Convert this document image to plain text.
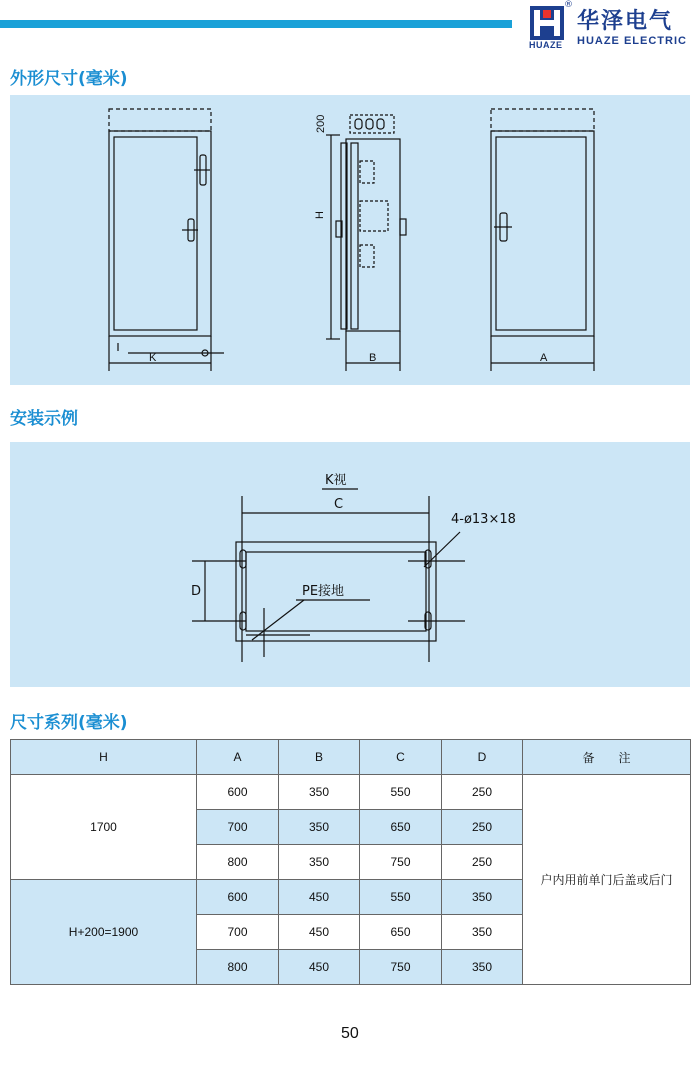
®
HUAZE
华泽电气
HUAZE ELECTRIC
外形尺寸(毫米)
200
H
K	B	A
安装示例
K视
C
D
4-ø13×18
PE接地
尺寸系列(毫米)
H	A	B	C	D	备　　注
1700	600	350	550	250	户内用前单门后盖或后门
	700	350	650	250	
	800	350	750	250	
H+200=1900	600	450	550	350	
	700	450	650	350	
	800	450	750	350	
50
